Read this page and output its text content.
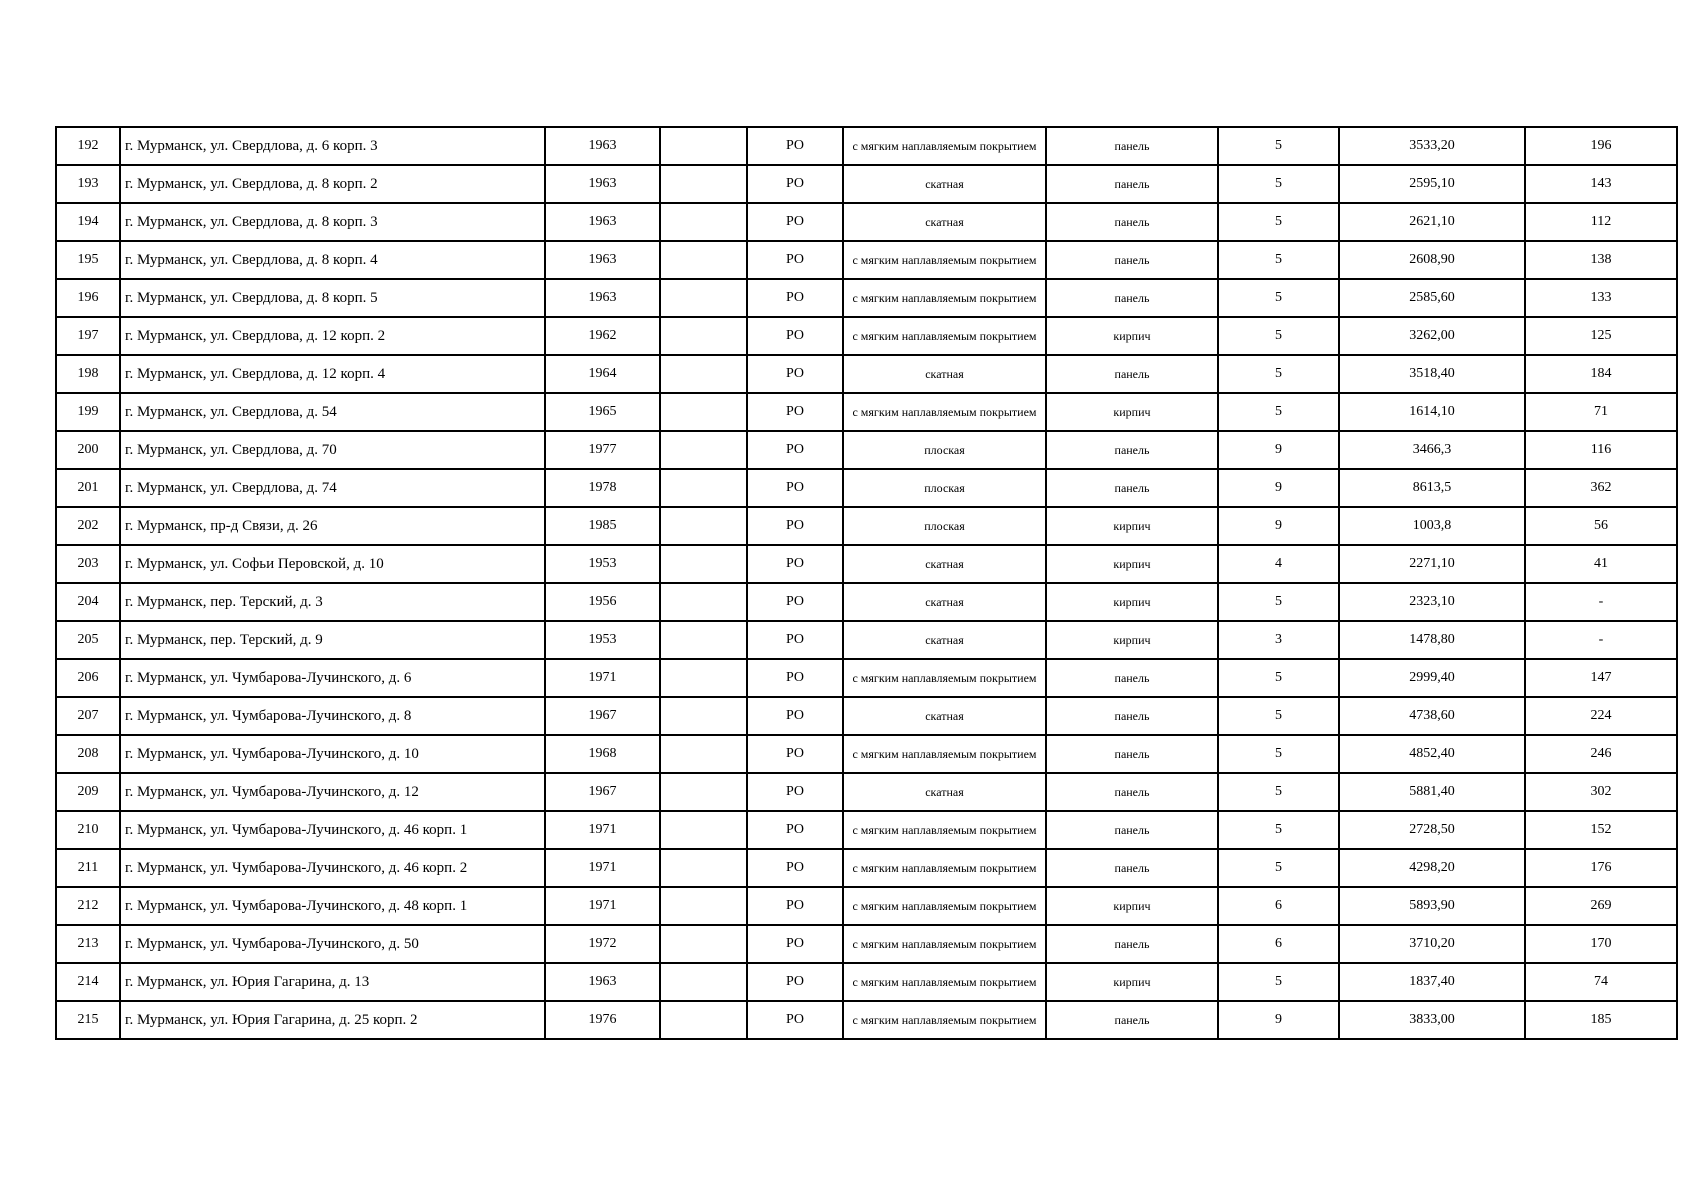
192	г. Мурманск, ул. Свердлова, д. 6 корп. 3	1963		РО	с мягким наплавляемым покрытием	панель	5	3533,20	196
193	г. Мурманск, ул. Свердлова, д. 8 корп. 2	1963		РО	скатная	панель	5	2595,10	143
194	г. Мурманск, ул. Свердлова, д. 8 корп. 3	1963		РО	скатная	панель	5	2621,10	112
195	г. Мурманск, ул. Свердлова, д. 8 корп. 4	1963		РО	с мягким наплавляемым покрытием	панель	5	2608,90	138
196	г. Мурманск, ул. Свердлова, д. 8 корп. 5	1963		РО	с мягким наплавляемым покрытием	панель	5	2585,60	133
197	г. Мурманск, ул. Свердлова, д. 12 корп. 2	1962		РО	с мягким наплавляемым покрытием	кирпич	5	3262,00	125
198	г. Мурманск, ул. Свердлова, д. 12 корп. 4	1964		РО	скатная	панель	5	3518,40	184
199	г. Мурманск, ул. Свердлова, д. 54	1965		РО	с мягким наплавляемым покрытием	кирпич	5	1614,10	71
200	г. Мурманск, ул. Свердлова, д. 70	1977		РО	плоская	панель	9	3466,3	116
201	г. Мурманск, ул. Свердлова, д. 74	1978		РО	плоская	панель	9	8613,5	362
202	г. Мурманск, пр-д Связи, д. 26	1985		РО	плоская	кирпич	9	1003,8	56
203	г. Мурманск, ул. Софьи Перовской, д. 10	1953		РО	скатная	кирпич	4	2271,10	41
204	г. Мурманск, пер. Терский, д. 3	1956		РО	скатная	кирпич	5	2323,10	-
205	г. Мурманск, пер. Терский, д. 9	1953		РО	скатная	кирпич	3	1478,80	-
206	г. Мурманск, ул. Чумбарова-Лучинского, д. 6	1971		РО	с мягким наплавляемым покрытием	панель	5	2999,40	147
207	г. Мурманск, ул. Чумбарова-Лучинского, д. 8	1967		РО	скатная	панель	5	4738,60	224
208	г. Мурманск, ул. Чумбарова-Лучинского, д. 10	1968		РО	с мягким наплавляемым покрытием	панель	5	4852,40	246
209	г. Мурманск, ул. Чумбарова-Лучинского, д. 12	1967		РО	скатная	панель	5	5881,40	302
210	г. Мурманск, ул. Чумбарова-Лучинского, д. 46 корп. 1	1971		РО	с мягким наплавляемым покрытием	панель	5	2728,50	152
211	г. Мурманск, ул. Чумбарова-Лучинского, д. 46 корп. 2	1971		РО	с мягким наплавляемым покрытием	панель	5	4298,20	176
212	г. Мурманск, ул. Чумбарова-Лучинского, д. 48 корп. 1	1971		РО	с мягким наплавляемым покрытием	кирпич	6	5893,90	269
213	г. Мурманск, ул. Чумбарова-Лучинского, д. 50	1972		РО	с мягким наплавляемым покрытием	панель	6	3710,20	170
214	г. Мурманск, ул. Юрия Гагарина, д. 13	1963		РО	с мягким наплавляемым покрытием	кирпич	5	1837,40	74
215	г. Мурманск, ул. Юрия Гагарина, д. 25 корп. 2	1976		РО	с мягким наплавляемым покрытием	панель	9	3833,00	185
